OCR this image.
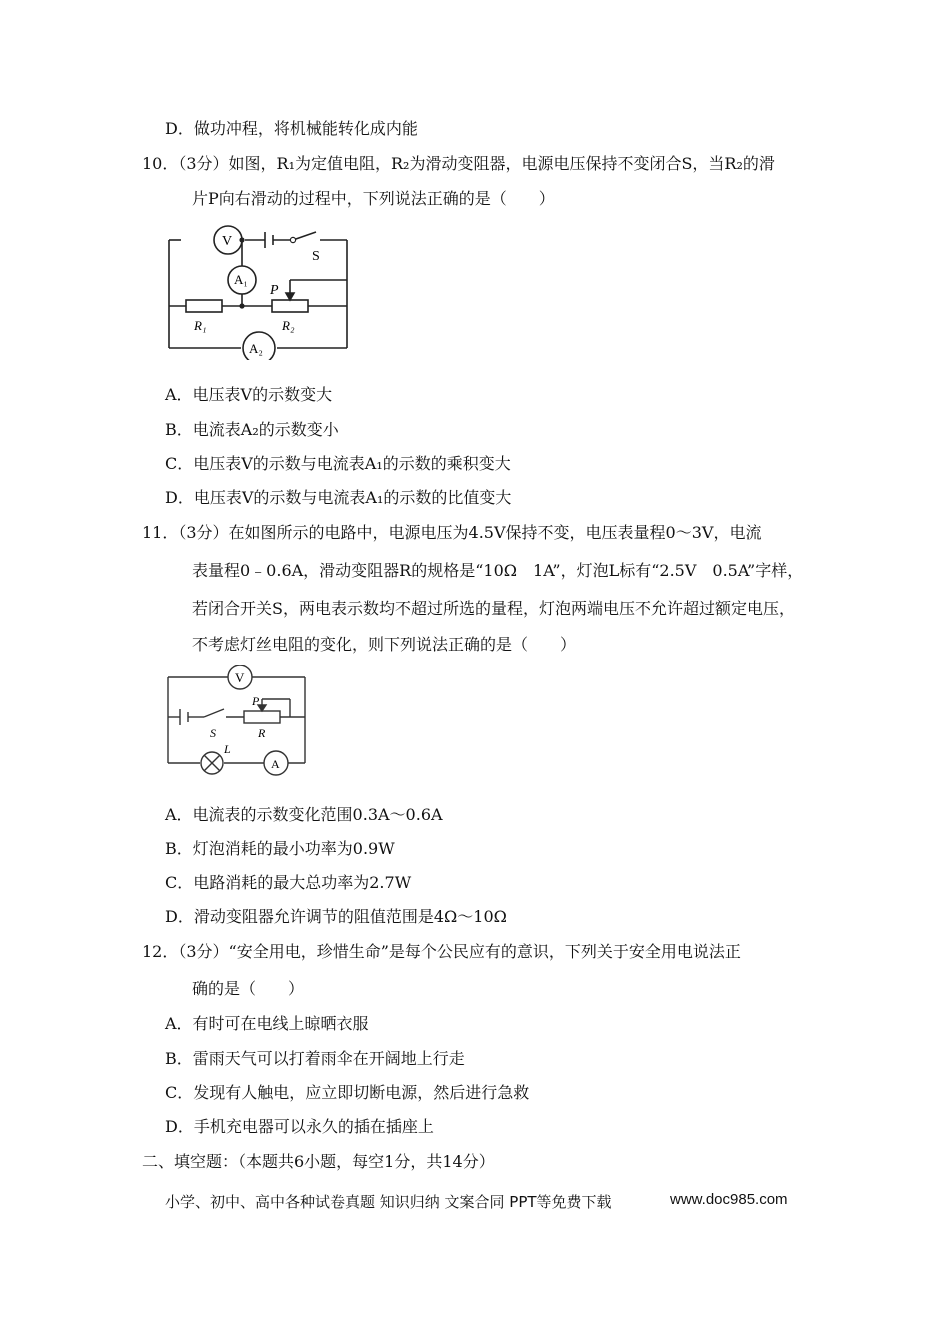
D．做功冲程，将机械能转化成内能
10．（3分）如图，R₁为定值电阻，R₂为滑动变阻器，电源电压保持不变闭合S，当R₂的滑
片P向右滑动的过程中，下列说法正确的是（　　）
V
A₁
A₂
S
P
R₁	R₂
A．电压表V的示数变大
B．电流表A₂的示数变小
C．电压表V的示数与电流表A₁的示数的乘积变大
D．电压表V的示数与电流表A₁的示数的比值变大
11．（3分）在如图所示的电路中，电源电压为4.5V保持不变，电压表量程0～3V，电流
表量程0﹣0.6A，滑动变阻器R的规格是“10Ω　1A”，灯泡L标有“2.5V　0.5A”字样，
若闭合开关S，两电表示数均不超过所选的量程，灯泡两端电压不允许超过额定电压，
不考虑灯丝电阻的变化，则下列说法正确的是（　　）
V
A
S
P
R
L
A．电流表的示数变化范围0.3A～0.6A
B．灯泡消耗的最小功率为0.9W
C．电路消耗的最大总功率为2.7W
D．滑动变阻器允许调节的阻值范围是4Ω～10Ω
12．（3分）“安全用电，珍惜生命”是每个公民应有的意识，下列关于安全用电说法正
确的是（　　）
A．有时可在电线上晾晒衣服
B．雷雨天气可以打着雨伞在开阔地上行走
C．发现有人触电，应立即切断电源，然后进行急救
D．手机充电器可以永久的插在插座上
二、填空题：（本题共6小题，每空1分，共14分）
小学、初中、高中各种试卷真题 知识归纳 文案合同 PPT等免费下载	www.doc985.com
